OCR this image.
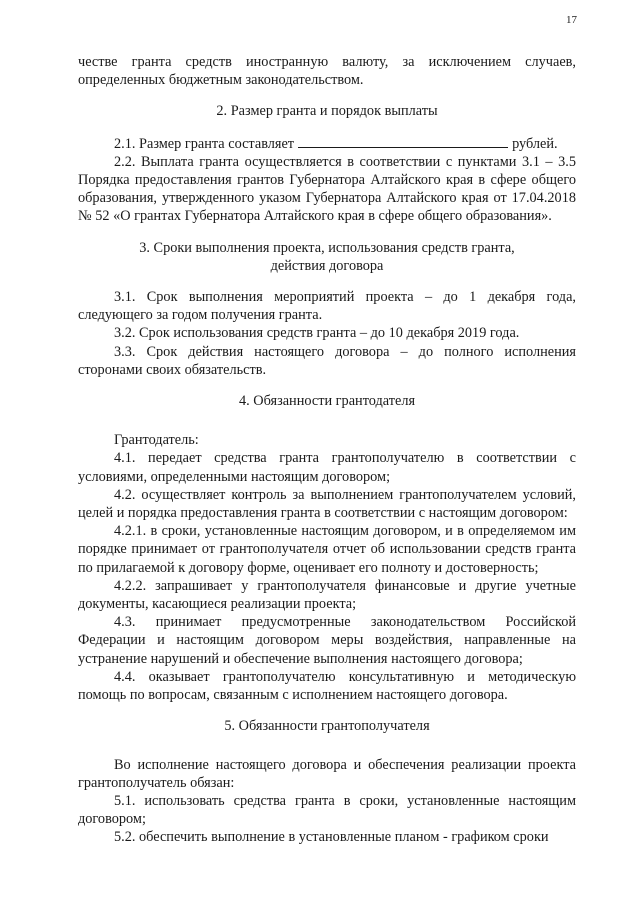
17

честве гранта средств иностранную валюту, за исключением случаев, определенных бюджетным законодательством.

2. Размер гранта и порядок выплаты

2.1. Размер гранта составляет	рублей.

2.2. Выплата гранта осуществляется в соответствии с пунктами 3.1 – 3.5 Порядка предоставления грантов Губернатора Алтайского края в сфере общего образования, утвержденного указом Губернатора Алтайского края от 17.04.2018 № 52 «О грантах Губернатора Алтайского края в сфере общего образования».

3. Сроки выполнения проекта, использования средств гранта,
действия договора

3.1. Срок выполнения мероприятий проекта – до 1 декабря года, следующего за годом получения гранта.

3.2. Срок использования средств гранта – до 10 декабря 2019 года.

3.3. Срок действия настоящего договора – до полного исполнения сторонами своих обязательств.

4. Обязанности грантодателя

Грантодатель:

4.1. передает средства гранта грантополучателю в соответствии с условиями, определенными настоящим договором;

4.2. осуществляет контроль за выполнением грантополучателем условий, целей и порядка предоставления гранта в соответствии с настоящим договором:

4.2.1. в сроки, установленные настоящим договором, и в определяемом им порядке принимает от грантополучателя отчет об использовании средств гранта по прилагаемой к договору форме, оценивает его полноту и достоверность;

4.2.2. запрашивает у грантополучателя финансовые и другие учетные документы, касающиеся реализации проекта;

4.3. принимает предусмотренные законодательством Российской Федерации и настоящим договором меры воздействия, направленные на устранение нарушений и обеспечение выполнения настоящего договора;

4.4. оказывает грантополучателю консультативную и методическую помощь по вопросам, связанным с исполнением настоящего договора.

5. Обязанности грантополучателя

Во исполнение настоящего договора и обеспечения реализации проекта грантополучатель обязан:

5.1. использовать средства гранта в сроки, установленные настоящим договором;

5.2. обеспечить выполнение в установленные планом - графиком сроки
